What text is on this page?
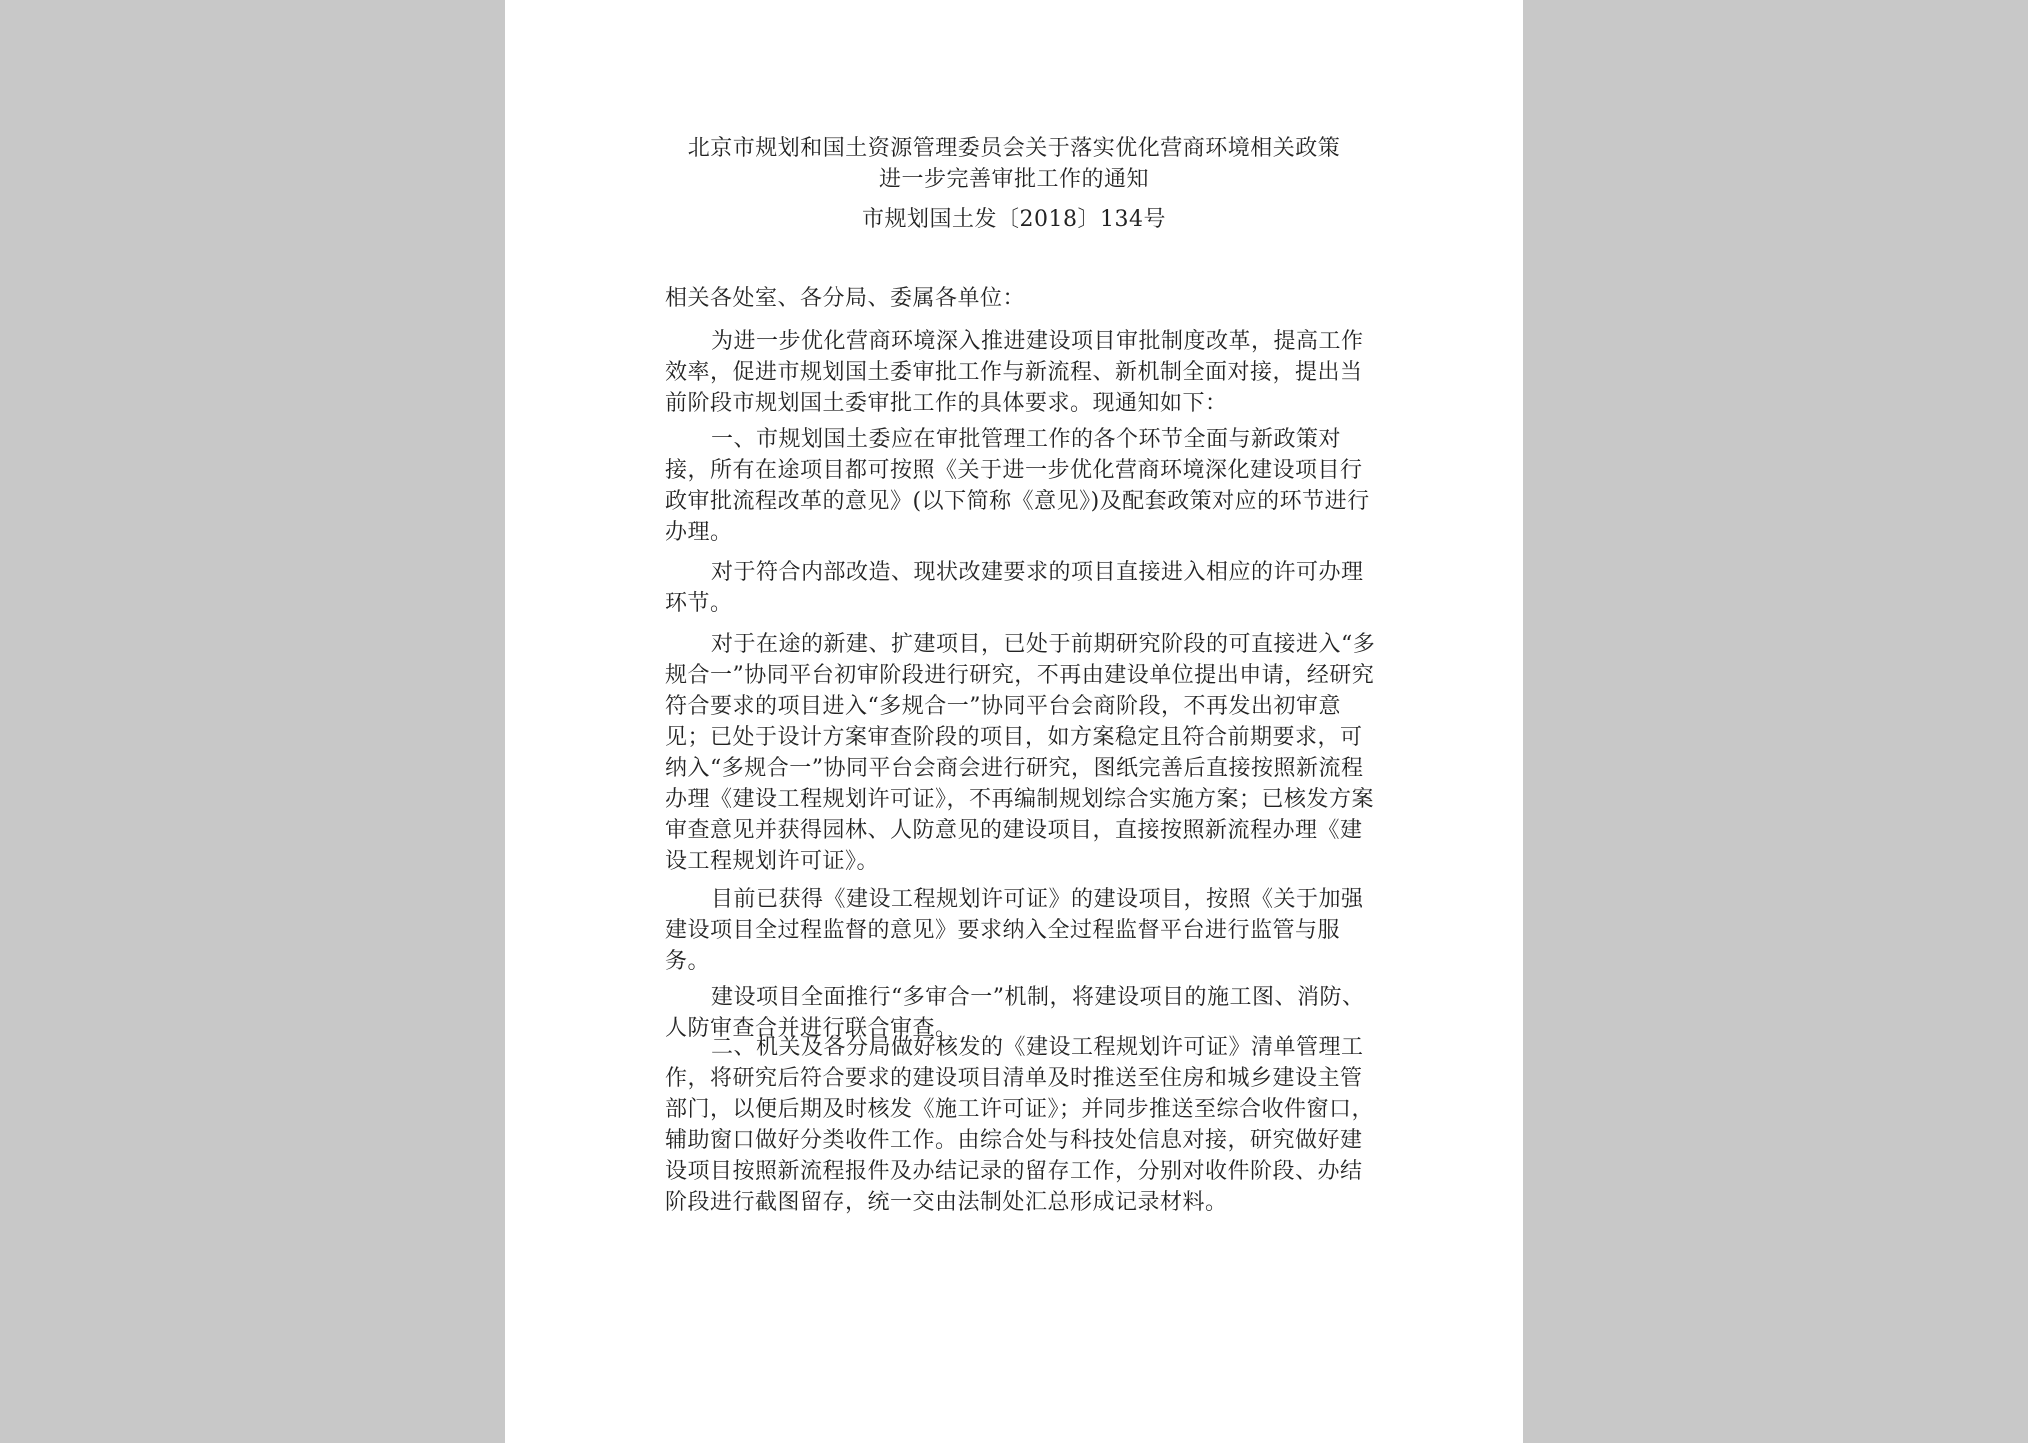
北京市规划和国土资源管理委员会关于落实优化营商环境相关政策
进一步完善审批工作的通知
市规划国土发〔2018〕134号
相关各处室、各分局、委属各单位：

为进一步优化营商环境深入推进建设项目审批制度改革，提高工作效率，促进市规划国土委审批工作与新流程、新机制全面对接，提出当前阶段市规划国土委审批工作的具体要求。现通知如下：

一、市规划国土委应在审批管理工作的各个环节全面与新政策对接，所有在途项目都可按照《关于进一步优化营商环境深化建设项目行政审批流程改革的意见》(以下简称《意见》)及配套政策对应的环节进行办理。

对于符合内部改造、现状改建要求的项目直接进入相应的许可办理环节。

对于在途的新建、扩建项目，已处于前期研究阶段的可直接进入“多规合一”协同平台初审阶段进行研究，不再由建设单位提出申请，经研究符合要求的项目进入“多规合一”协同平台会商阶段，不再发出初审意见；已处于设计方案审查阶段的项目，如方案稳定且符合前期要求，可纳入“多规合一”协同平台会商会进行研究，图纸完善后直接按照新流程办理《建设工程规划许可证》，不再编制规划综合实施方案；已核发方案审查意见并获得园林、人防意见的建设项目，直接按照新流程办理《建设工程规划许可证》。

目前已获得《建设工程规划许可证》的建设项目，按照《关于加强建设项目全过程监督的意见》要求纳入全过程监督平台进行监管与服务。

建设项目全面推行“多审合一”机制，将建设项目的施工图、消防、人防审查合并进行联合审查。

二、机关及各分局做好核发的《建设工程规划许可证》清单管理工作，将研究后符合要求的建设项目清单及时推送至住房和城乡建设主管部门，以便后期及时核发《施工许可证》；并同步推送至综合收件窗口，辅助窗口做好分类收件工作。由综合处与科技处信息对接，研究做好建设项目按照新流程报件及办结记录的留存工作，分别对收件阶段、办结阶段进行截图留存，统一交由法制处汇总形成记录材料。
